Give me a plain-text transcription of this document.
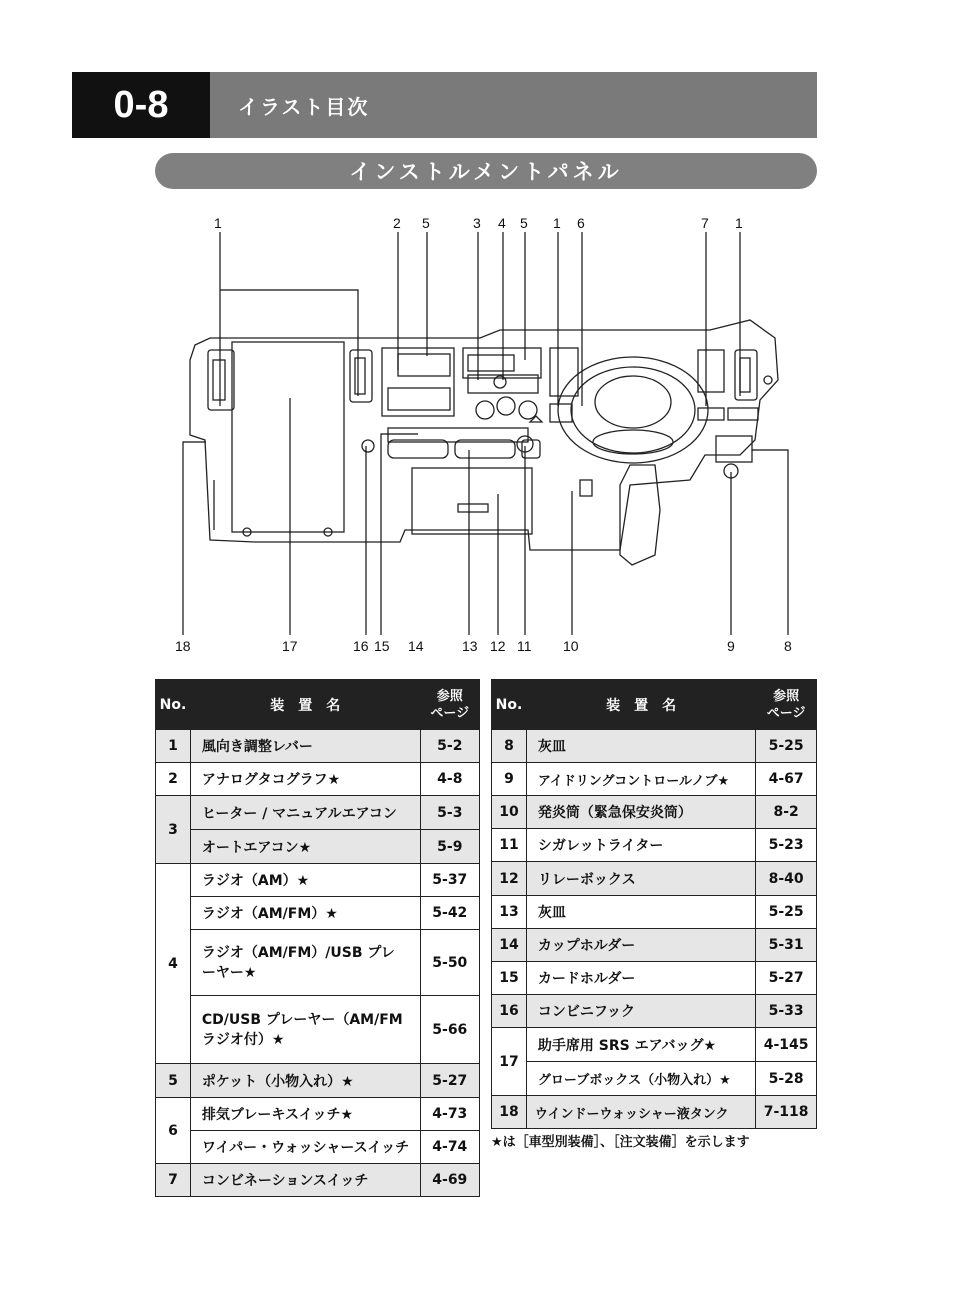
0-8	イラスト目次
インストルメントパネル
1	2 5	3 4 5 1 6	7 1
18	17	16 15 14	13 12 11 10	9	8
No.	装　置　名	参照
ページ

1	風向き調整レバー	5-2
2	アナログタコグラフ★	4-8
3	ヒーター / マニュアルエアコン	5-3
	オートエアコン★	5-9
4	ラジオ（AM）★	5-37
	ラジオ（AM/FM）★	5-42
	ラジオ（AM/FM）/USB プレーヤー★	5-50
	CD/USB プレーヤー（AM/FM ラジオ付）★	5-66
5	ポケット（小物入れ）★	5-27
6	排気ブレーキスイッチ★	4-73
	ワイパー・ウォッシャースイッチ	4-74
7	コンビネーションスイッチ	4-69
No.	装　置　名	参照
ページ

8	灰皿	5-25
9	アイドリングコントロールノブ★	4-67
10	発炎筒（緊急保安炎筒）	8-2
11	シガレットライター	5-23
12	リレーボックス	8-40
13	灰皿	5-25
14	カップホルダー	5-31
15	カードホルダー	5-27
16	コンビニフック	5-33
17	助手席用 SRS エアバッグ★	4-145
	グローブボックス（小物入れ）★	5-28
18	ウインドーウォッシャー液タンク	7-118
★は［車型別装備］、［注文装備］を示します
